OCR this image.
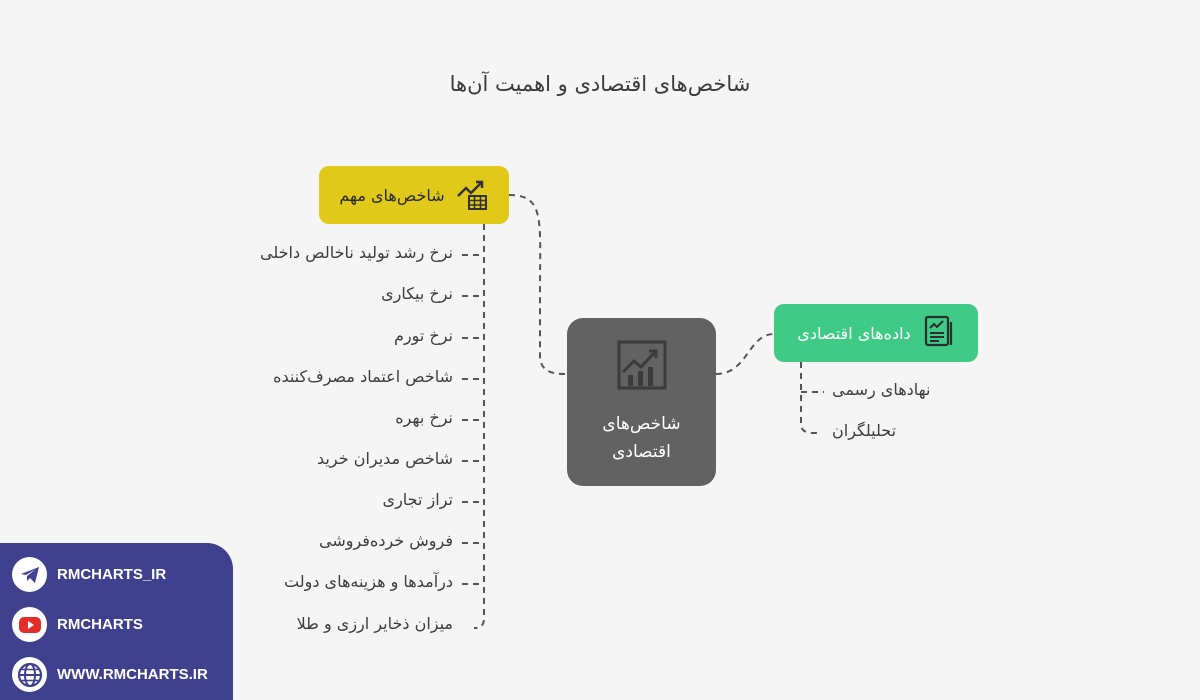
شاخص‌های اقتصادی و اهمیت آن‌ها
شاخص‌های مهم
داده‌های اقتصادی
شاخص‌های
اقتصادی
نرخ رشد تولید ناخالص داخلی
نرخ بیکاری
نرخ تورم
شاخص اعتماد مصرف‌کننده
نرخ بهره
شاخص مدیران خرید
تراز تجاری
فروش خرده‌فروشی
درآمدها و هزینه‌های دولت
میزان ذخایر ارزی و طلا
نهادهای رسمی
تحلیلگران
RMCHARTS_IR
RMCHARTS
WWW.RMCHARTS.IR
